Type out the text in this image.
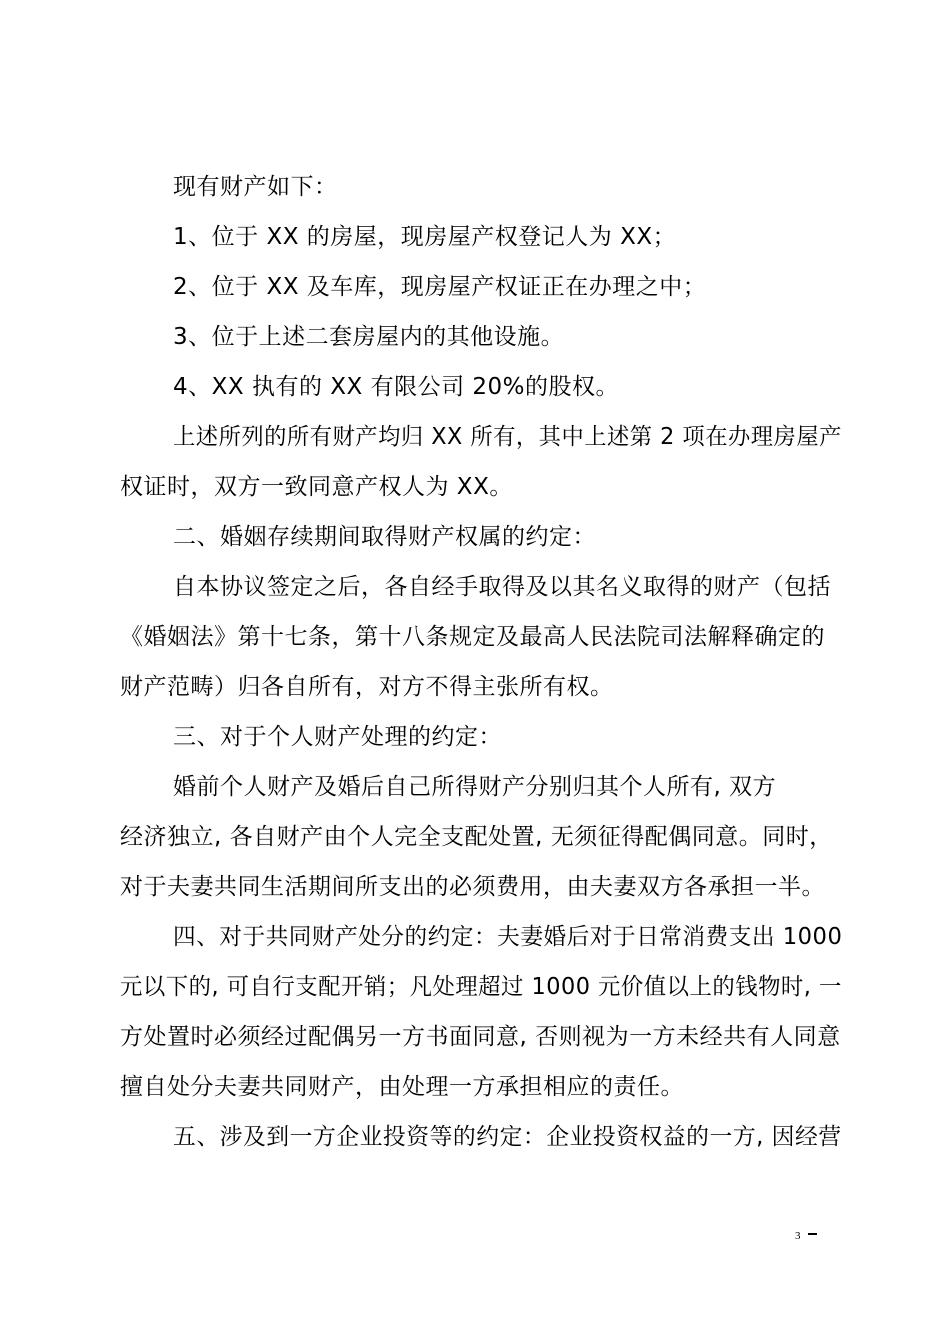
现有财产如下：
1、位于 XX 的房屋，现房屋产权登记人为 XX；
2、位于 XX 及车库，现房屋产权证正在办理之中；
3、位于上述二套房屋内的其他设施。
4、XX 执有的 XX 有限公司 20%的股权。
上述所列的所有财产均归 XX 所有，其中上述第 2 项在办理房屋产
权证时，双方一致同意产权人为 XX。
二、婚姻存续期间取得财产权属的约定：
自本协议签定之后，各自经手取得及以其名义取得的财产（包括
《婚姻法》第十七条，第十八条规定及最高人民法院司法解释确定的
财产范畴）归各自所有，对方不得主张所有权。
三、对于个人财产处理的约定：
婚前个人财产及婚后自己所得财产分别归其个人所有, 双方
经济独立, 各自财产由个人完全支配处置, 无须征得配偶同意。同时，
对于夫妻共同生活期间所支出的必须费用，由夫妻双方各承担一半。
四、对于共同财产处分的约定：夫妻婚后对于日常消费支出 1000
元以下的, 可自行支配开销；凡处理超过 1000 元价值以上的钱物时, 一
方处置时必须经过配偶另一方书面同意, 否则视为一方未经共有人同意
擅自处分夫妻共同财产，由处理一方承担相应的责任。
五、涉及到一方企业投资等的约定：企业投资权益的一方, 因经营
3
